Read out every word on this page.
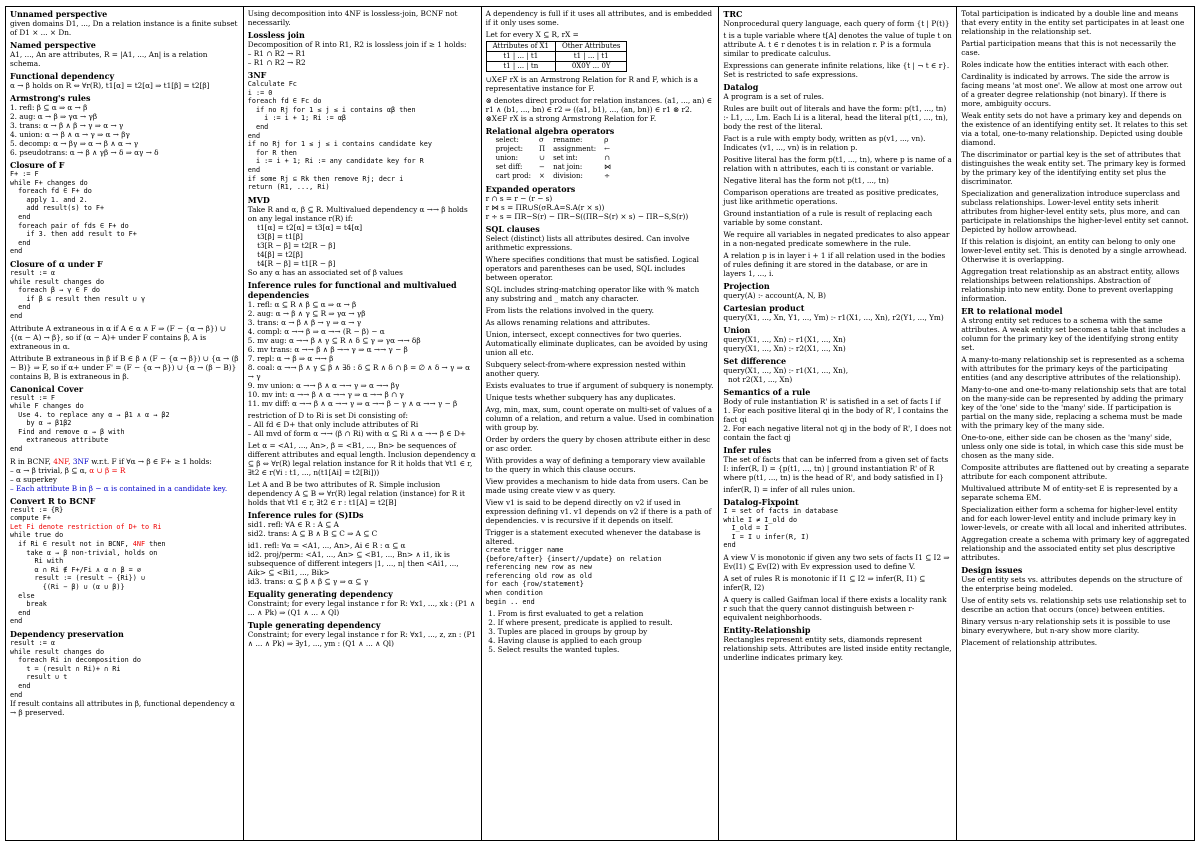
Unnamed perspective
given domains D1, ..., Dn a relation instance is a finite subset of D1 × ... × Dn.
Named perspective
A1, ..., An are attributes, R = |A1, ..., An| is a relation schema.
Functional dependency
α → β holds on R ⇔ ∀r(R), t1[α] = t2[α] ⇒ t1[β] = t2[β]
Armstrong's rules
1. refl: β ⊆ α ⇒ α → β
2. aug: α → β ⇒ γα → γβ
3. trans: α → β ∧ β → γ ⇒ α → γ
4. union: α → β ∧ α → γ ⇒ α → βγ
5. decomp: α → βγ ⇒ α → β ∧ α → γ
6. pseudotrans: α → β ∧ γβ → δ ⇒ αγ → δ
Closure of F
F+ := F
while F+ changes do
foreach fd ∈ F+ do
apply 1. and 2.
add result(s) to F+
end
foreach pair of fds ∈ F+ do
if 3. then add result to F+
end
end
Closure of α under F
result := α
while result changes do
foreach β → γ ∈ F do
if β ⊆ result then result ∪ γ
end
end
Attribute A extraneous in α if A ∈ α ∧ F ⇒ (F − {α → β}) ∪ {(α − A) → β}, so if (α − A)+ under F contains β, A is extraneous in α.
Attribute B extraneous in β if B ∈ β ∧ (F − {α → β}) ∪ {α → (β − B)} ⇒ F, so if α+ under F' = (F − {α → β}) ∪ {α → (β − B)} contains B, B is extraneous in β.
Canonical Cover
result := F
while F changes do
Use 4. to replace any α → β1 ∧ α → β2
by α → β1β2
Find and remove α → β with
extraneous attribute
end
R in BCNF, 4NF, 3NF w.r.t. F if ∀α → β ∈ F+ ≥ 1 holds:
– α → β trivial, β ⊆ α, α ∪ β = R
– α superkey
– Each attribute B in β − α is contained in a candidate key.
Convert R to BCNF
result := {R}
compute F+
Let Fi denote restriction of D+ to Ri
while true do
if Ri ∈ result not in BCNF, 4NF then
take α → β non-trivial, holds on
Ri with
α ∩ Ri ∉ F+/Fi ∧ α ∩ β = ∅
result := (result − {Ri}) ∪
{(Ri − β) ∪ (α ∪ β)}
else
break
end
end
Dependency preservation
result := α
while result changes do
foreach Ri in decomposition do
t = (result ∩ Ri)+ ∩ Ri
result ∪ t
end
end
If result contains all attributes in β, functional dependency α → β preserved.
Using decomposition into 4NF is lossless-join, BCNF not necessarily.
Lossless join
Decomposition of R into R1, R2 is lossless join if ≥ 1 holds:
– R1 ∩ R2 → R1
– R1 ∩ R2 → R2
3NF
Calculate Fc
i := 0
foreach fd ∈ Fc do
if no Rj for 1 ≤ j ≤ i contains αβ then
i := i + 1; Ri := αβ
end
end
if no Rj for 1 ≤ j ≤ i contains candidate key
for R then
i := i + 1; Ri := any candidate key for R
end
if some Rj ⊆ Rk then remove Rj; decr i
return (R1, ..., Ri)
MVD
Take R and α, β ⊆ R. Multivalued dependency α →→ β holds on any legal instance r(R) if:
t1[α] = t2[α] = t3[α] = t4[α]
t3[β] = t1[β]
t3[R − β] = t2[R − β]
t4[β] = t2[β]
t4[R − β] = t1[R − β]
So any α has an associated set of β values
Inference rules for functional and multivalued dependencies
1. refl: α ⊆ R ∧ β ⊆ α ⇒ α → β
2. aug: α → β ∧ γ ⊆ R ⇒ γα → γβ
3. trans: α → β ∧ β → γ ⇒ α → γ
4. compl: α →→ β ⇒ α →→ (R − β) − α
5. mv aug: α →→ β ∧ γ ⊆ R ∧ δ ⊆ γ ⇒ γα →→ δβ
6. mv trans: α →→ β ∧ β →→ γ ⇒ α →→ γ − β
7. repl: α → β ⇒ α →→ β
8. coal: α →→ β ∧ γ ⊆ β ∧ ∃δ : δ ⊆ R ∧ δ ∩ β = ∅ ∧ δ → γ ⇒ α → γ
9. mv union: α →→ β ∧ α →→ γ ⇒ α →→ βγ
10. mv int: α →→ β ∧ α →→ γ ⇒ α →→ β ∩ γ
11. mv diff: α →→ β ∧ α →→ γ ⇒ α →→ β − γ ∧ α →→ γ − β
restriction of D to Ri is set Di consisting of:
– All fd ∈ D+ that only include attributes of Ri
– All mvd of form α →→ (β ∩ Ri) with α ⊆ Ri ∧ α →→ β ∈ D+
Let α = <A1, ..., An>, β = <B1, ..., Bn> be sequences of different attributes and equal length. Inclusion dependency α ⊆ β ⇔ ∀r(R) legal relation instance for R it holds that ∀t1 ∈ r, ∃t2 ∈ r(∀i : t1, ..., n(t1[Ai] = t2[Bi]))
Let A and B be two attributes of R. Simple inclusion dependency A ⊆ B ⇔ ∀r(R) legal relation (instance) for R it holds that ∀t1 ∈ r, ∃t2 ∈ r : t1[A] = t2[B]
Inference rules for (S)IDs
sid1. refl: ∀A ∈ R : A ⊆ A
sid2. trans: A ⊆ B ∧ B ⊆ C ⇒ A ⊆ C
id1. refl: ∀α = <A1, ..., An>, Ai ∈ R : α ⊆ α
id2. proj/perm: <A1, ..., An> ⊆ <B1, ..., Bn> ∧ i1, ik is subsequence of different integers |1, ..., n| then <Ai1, ..., Aik> ⊆ <Bi1, ..., Bik>
id3. trans: α ⊆ β ∧ β ⊆ γ ⇒ α ⊆ γ
Equality generating dependency
Constraint; for every legal instance r for R: ∀x1, ..., xk : (P1 ∧ ... ∧ Pk) ⇒ (Q1 ∧ ... ∧ Ql)
Tuple generating dependency
Constraint; for every legal instance r for R: ∀x1, ..., z, zn : (P1 ∧ ... ∧ Pk) ⇒ ∃y1, ..., ym : (Q1 ∧ ... ∧ Ql)
A dependency is full if it uses all attributes, and is embedded if it only uses some.
Let for every X ⊆ R, rX =
Attributes of X1	Other Attributes
t1 | ... | t1	t1 | ... | t1
t1 | ... | tn	0X0Y ... 0Y
∪X∈F rX is an Armstrong Relation for R and F, which is a representative instance for F.
⊗ denotes direct product for relation instances. (a1, ..., an) ∈ r1 ∧ (b1, ..., bn) ∈ r2 ⇒ ((a1, b1), ..., (an, bn)) ∈ r1 ⊗ r2. ⊗X∈F rX is a strong Armstrong Relation for F.
Relational algebra operators
select:	σ	rename:	ρ
project:	Π	assignment:	←
union:	∪	set int:	∩
set diff:	−	nat join:	⋈
cart prod:	×	division:	÷
Expanded operators
r ∩ s = r − (r − s)
r ⋈ s = ΠR∪S(σR.A=S.A(r × s))
r ÷ s = ΠR−S(r) − ΠR−S((ΠR−S(r) × s) − ΠR−S,S(r))
SQL clauses
Select (distinct) lists all attributes desired. Can involve arithmetic expressions.
Where specifies conditions that must be satisfied. Logical operators and parentheses can be used, SQL includes between operator.
SQL includes string-matching operator like with % match any substring and _ match any character.
From lists the relations involved in the query.
As allows renaming relations and attributes.
Union, intersect, except connectives for two queries. Automatically eliminate duplicates, can be avoided by using union all etc.
Subquery select-from-where expression nested within another query.
Exists evaluates to true if argument of subquery is nonempty.
Unique tests whether subquery has any duplicates.
Avg, min, max, sum, count operate on multi-set of values of a column of a relation, and return a value. Used in combination with group by.
Order by orders the query by chosen attribute either in desc or asc order.
With provides a way of defining a temporary view available to the query in which this clause occurs.
View provides a mechanism to hide data from users. Can be made using create view v as query.
View v1 is said to be depend directly on v2 if used in expression defining v1. v1 depends on v2 if there is a path of dependencies. v is recursive if it depends on itself.
Trigger is a statement executed whenever the database is altered.
create trigger name
{before/after} {insert//update} on relation
referencing new row as new
referencing old row as old
for each {row/statement}
when condition
begin .. end
1. From is first evaluated to get a relation
2. If where present, predicate is applied to result.
3. Tuples are placed in groups by group by
4. Having clause is applied to each group
5. Select results the wanted tuples.
TRC
Nonprocedural query language, each query of form {t | P(t)}
t is a tuple variable where t[A] denotes the value of tuple t on attribute A. t ∈ r denotes t is in relation r. P is a formula similar to predicate calculus.
Expressions can generate infinite relations, like {t | ¬ t ∈ r}. Set is restricted to safe expressions.
Datalog
A program is a set of rules.
Rules are built out of literals and have the form: p(t1, ..., tn) :- L1, ..., Lm. Each Li is a literal, head the literal p(t1, ..., tn), body the rest of the literal.
Fact is a rule with empty body, written as p(v1, ..., vn). Indicates (v1, ..., vn) is in relation p.
Positive literal has the form p(t1, ..., tn), where p is name of a relation with n attributes, each ti is constant or variable.
Negative literal has the form not p(t1, ..., tn)
Comparison operations are treated as positive predicates, just like arithmetic operations.
Ground instantiation of a rule is result of replacing each variable by some constant.
We require all variables in negated predicates to also appear in a non-negated predicate somewhere in the rule.
A relation p is in layer i + 1 if all relation used in the bodies of rules defining it are stored in the database, or are in layers 1, ..., i.
Projection
query(A) :- account(A, N, B)
Cartesian product
query(X1, ..., Xn, Y1, ..., Ym) :- r1(X1, ..., Xn), r2(Y1, ..., Ym)
Union
query(X1, ..., Xn) :- r1(X1, ..., Xn)
query(X1, ..., Xn) :- r2(X1, ..., Xn)
Set difference
query(X1, ..., Xn) :- r1(X1, ..., Xn),
not r2(X1, ..., Xn)
Semantics of a rule
Body of rule instantiation R' is satisfied in a set of facts I if
1. For each positive literal qi in the body of R', I contains the fact qi
2. For each negative literal not qj in the body of R', I does not contain the fact qj
Infer rules
The set of facts that can be inferred from a given set of facts I: infer(R, I) = {p(t1, ..., tn) | ground instantiation R' of R where p(t1, ..., tn) is the head of R', and body satisfied in I}
infer(R, I) = infer of all rules union.
Datalog-Fixpoint
I = set of facts in database
while I ≠ I_old do
I_old = I
I = I ∪ infer(R, I)
end
A view V is monotonic if given any two sets of facts I1 ⊆ I2 ⇒ Ev(I1) ⊆ Ev(I2) with Ev expression used to define V.
A set of rules R is monotonic if I1 ⊆ I2 ⇒ infer(R, I1) ⊆ infer(R, I2)
A query is called Gaifman local if there exists a locality rank r such that the query cannot distinguish between r-equivalent neighborhoods.
Entity-Relationship
Rectangles represent entity sets, diamonds represent relationship sets. Attributes are listed inside entity rectangle, underline indicates primary key.
Total participation is indicated by a double line and means that every entity in the entity set participates in at least one relationship in the relationship set.
Partial participation means that this is not necessarily the case.
Roles indicate how the entities interact with each other.
Cardinality is indicated by arrows. The side the arrow is facing means 'at most one'. We allow at most one arrow out of a greater degree relationship (not binary). If there is more, ambiguity occurs.
Weak entity sets do not have a primary key and depends on the existence of an identifying entity set. It relates to this set via a total, one-to-many relationship. Depicted using double diamond.
The discriminator or partial key is the set of attributes that distinguishes the weak entity set. The primary key is formed by the primary key of the identifying entity set plus the discriminator.
Specialization and generalization introduce superclass and subclass relationships. Lower-level entity sets inherit attributes from higher-level entity sets, plus more, and can participate in relationships the higher-level entity set cannot. Depicted by hollow arrowhead.
If this relation is disjoint, an entity can belong to only one lower-level entity set. This is denoted by a single arrowhead. Otherwise it is overlapping.
Aggregation treat relationship as an abstract entity, allows relationships between relationships. Abstraction of relationship into new entity. Done to prevent overlapping information.
ER to relational model
A strong entity set reduces to a schema with the same attributes. A weak entity set becomes a table that includes a column for the primary key of the identifying strong entity set.
A many-to-many relationship set is represented as a schema with attributes for the primary keys of the participating entities (and any descriptive attributes of the relationship).
Many-to-one and one-to-many relationship sets that are total on the many-side can be represented by adding the primary key of the 'one' side to the 'many' side. If participation is partial on the many side, replacing a schema must be made with the primary key of the many side.
One-to-one, either side can be chosen as the 'many' side, unless only one side is total, in which case this side must be chosen as the many side.
Composite attributes are flattened out by creating a separate attribute for each component attribute.
Multivalued attribute M of entity-set E is represented by a separate schema EM.
Specialization either form a schema for higher-level entity and for each lower-level entity and include primary key in lower-levels, or create with all local and inherited attributes.
Aggregation create a schema with primary key of aggregated relationship and the associated entity set plus descriptive attributes.
Design issues
Use of entity sets vs. attributes depends on the structure of the enterprise being modeled.
Use of entity sets vs. relationship sets use relationship set to describe an action that occurs (once) between entities.
Binary versus n-ary relationship sets it is possible to use binary everywhere, but n-ary show more clarity.
Placement of relationship attributes.
